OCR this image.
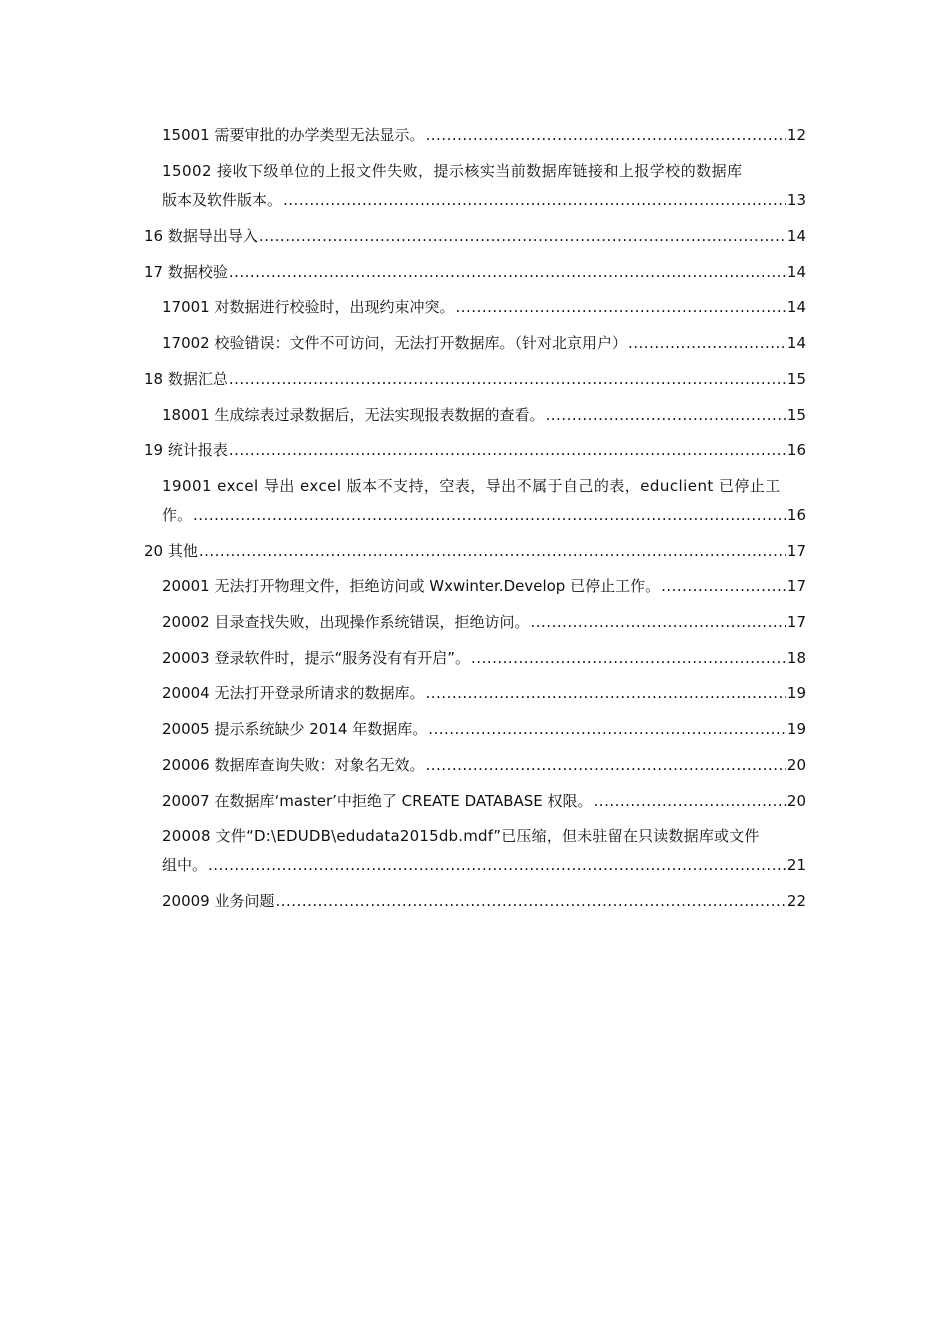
15001 需要审批的办学类型无法显示。 .....	12
15002 接收下级单位的上报文件失败，提示核实当前数据库链接和上报学校的数据库
版本及软件版本。 .....	13
16 数据导出导入 .....	14
17 数据校验 .....	14
17001 对数据进行校验时，出现约束冲突。 .....	14
17002 校验错误：文件不可访问，无法打开数据库。（针对北京用户） .....	14
18 数据汇总 .....	15
18001 生成综表过录数据后，无法实现报表数据的查看。 .....	15
19 统计报表 .....	16
19001 excel 导出 excel 版本不支持，空表，导出不属于自己的表，educlient 已停止工
作。 .....	16
20 其他 .....	17
20001 无法打开物理文件，拒绝访问或 Wxwinter.Develop 已停止工作。 .....	17
20002 目录查找失败，出现操作系统错误，拒绝访问。 .....	17
20003 登录软件时，提示“服务没有有开启”。 .....	18
20004 无法打开登录所请求的数据库。 .....	19
20005 提示系统缺少 2014 年数据库。 .....	19
20006 数据库查询失败：对象名无效。 .....	20
20007 在数据库‘master’中拒绝了 CREATE DATABASE 权限。 .....	20
20008 文件“D:\EDUDB\edudata2015db.mdf”已压缩，但未驻留在只读数据库或文件
组中。 .....	21
20009 业务问题 .....	22
